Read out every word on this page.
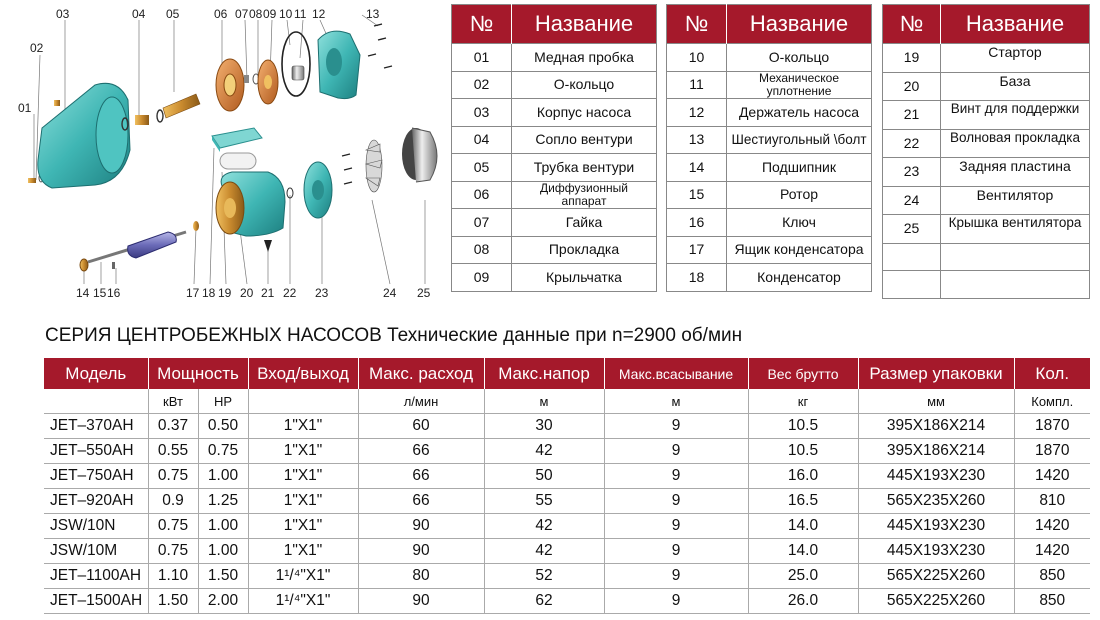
01
02
03	04 05	06 07 08 09 10 11 12	13
14 15 16	17 18 19 20 21 22 23	24 25
№	Название
01	Медная пробка
02	О-кольцо
03	Корпус насоса
04	Сопло вентури
05	Трубка вентури
06	Диффузионный аппарат
07	Гайка
08	Прокладка
09	Крыльчатка
№	Название
10	О-кольцо
11	Механическое уплотнение
12	Держатель насоса
13	Шестиугольный \болт
14	Подшипник
15	Ротор
16	Ключ
17	Ящик конденсатора
18	Конденсатор
№	Название
19	Стартор
20	База
21	Винт для поддержки
22	Волновая прокладка
23	Задняя пластина
24	Вентилятор
25	Крышка вентилятора

СЕРИЯ ЦЕНТРОБЕЖНЫХ НАСОСОВ Технические данные при n=2900 об/мин
Модель	Мощность		Вход/выход	Макс. расход	Макс.напор	Макс.всасывание	Вес брутто	Размер упаковки	Кол.
	кВт	HP		л/мин	м	м	кг	мм	Компл.
JET–370AH	0.37	0.50	1"X1"	60	30	9	10.5	395X186X214	1870
JET–550AH	0.55	0.75	1"X1"	66	42	9	10.5	395X186X214	1870
JET–750AH	0.75	1.00	1"X1"	66	50	9	16.0	445X193X230	1420
JET–920AH	0.9	1.25	1"X1"	66	55	9	16.5	565X235X260	810
JSW/10N	0.75	1.00	1"X1"	90	42	9	14.0	445X193X230	1420
JSW/10M	0.75	1.00	1"X1"	90	42	9	14.0	445X193X230	1420
JET–1100AH	1.10	1.50	1¹/⁴"X1"	80	52	9	25.0	565X225X260	850
JET–1500AH	1.50	2.00	1¹/⁴"X1"	90	62	9	26.0	565X225X260	850
